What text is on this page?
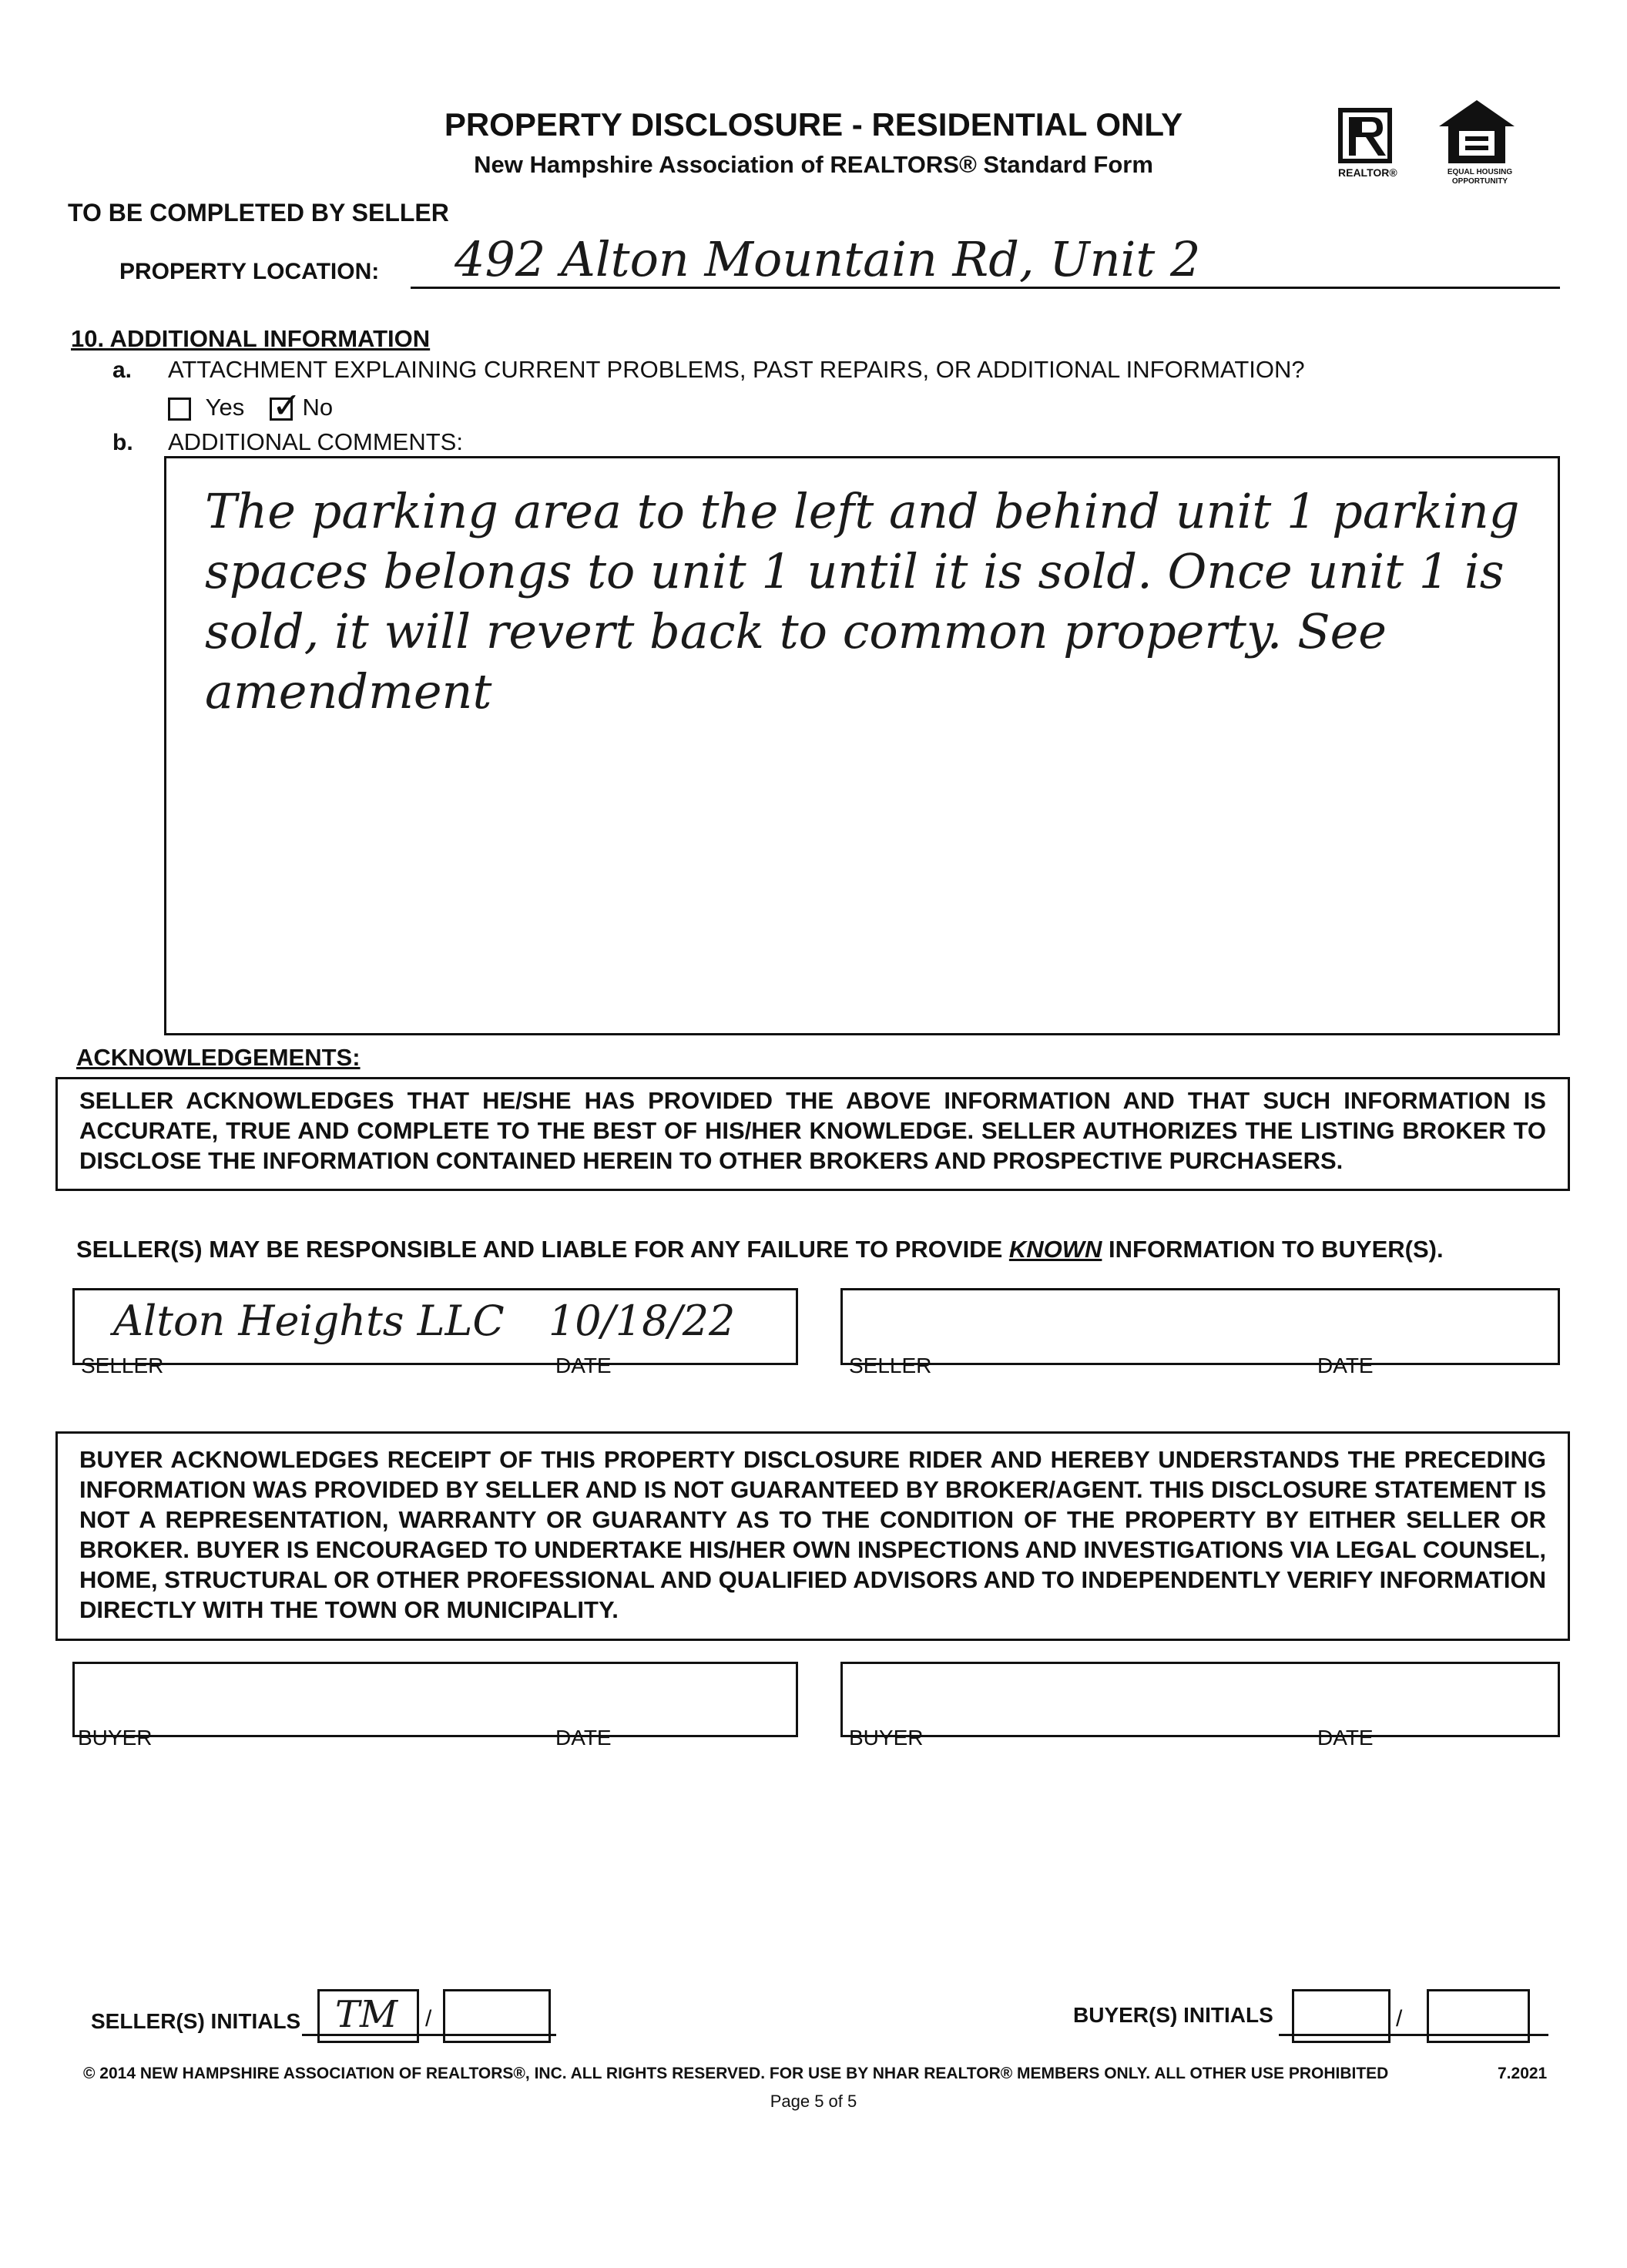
PROPERTY DISCLOSURE - RESIDENTIAL ONLY
New Hampshire Association of REALTORS® Standard Form	REALTOR®	EQUAL HOUSING OPPORTUNITY
TO BE COMPLETED BY SELLER
PROPERTY LOCATION: 492 Alton Mountain Rd, Unit 2
10. ADDITIONAL INFORMATION
a. ATTACHMENT EXPLAINING CURRENT PROBLEMS, PAST REPAIRS, OR ADDITIONAL INFORMATION?
Yes ✓ No
b. ADDITIONAL COMMENTS:
The parking area to the left and behind unit 1 parking
spaces belongs to unit 1 until it is sold. Once unit 1 is
sold, it will revert back to common property. See
amendment
ACKNOWLEDGEMENTS:
SELLER ACKNOWLEDGES THAT HE/SHE HAS PROVIDED THE ABOVE INFORMATION AND THAT SUCH INFORMATION IS ACCURATE, TRUE AND COMPLETE TO THE BEST OF HIS/HER KNOWLEDGE. SELLER AUTHORIZES THE LISTING BROKER TO DISCLOSE THE INFORMATION CONTAINED HEREIN TO OTHER BROKERS AND PROSPECTIVE PURCHASERS.
SELLER(S) MAY BE RESPONSIBLE AND LIABLE FOR ANY FAILURE TO PROVIDE KNOWN INFORMATION TO BUYER(S).
Alton Heights LLC 10/18/22
SELLER	DATE	SELLER	DATE
BUYER ACKNOWLEDGES RECEIPT OF THIS PROPERTY DISCLOSURE RIDER AND HEREBY UNDERSTANDS THE PRECEDING INFORMATION WAS PROVIDED BY SELLER AND IS NOT GUARANTEED BY BROKER/AGENT. THIS DISCLOSURE STATEMENT IS NOT A REPRESENTATION, WARRANTY OR GUARANTY AS TO THE CONDITION OF THE PROPERTY BY EITHER SELLER OR BROKER. BUYER IS ENCOURAGED TO UNDERTAKE HIS/HER OWN INSPECTIONS AND INVESTIGATIONS VIA LEGAL COUNSEL, HOME, STRUCTURAL OR OTHER PROFESSIONAL AND QUALIFIED ADVISORS AND TO INDEPENDENTLY VERIFY INFORMATION DIRECTLY WITH THE TOWN OR MUNICIPALITY.
BUYER	DATE	BUYER	DATE
SELLER(S) INITIALS TM /	BUYER(S) INITIALS	/
© 2014 NEW HAMPSHIRE ASSOCIATION OF REALTORS®, INC. ALL RIGHTS RESERVED. FOR USE BY NHAR REALTOR® MEMBERS ONLY. ALL OTHER USE PROHIBITED	7.2021
Page 5 of 5
